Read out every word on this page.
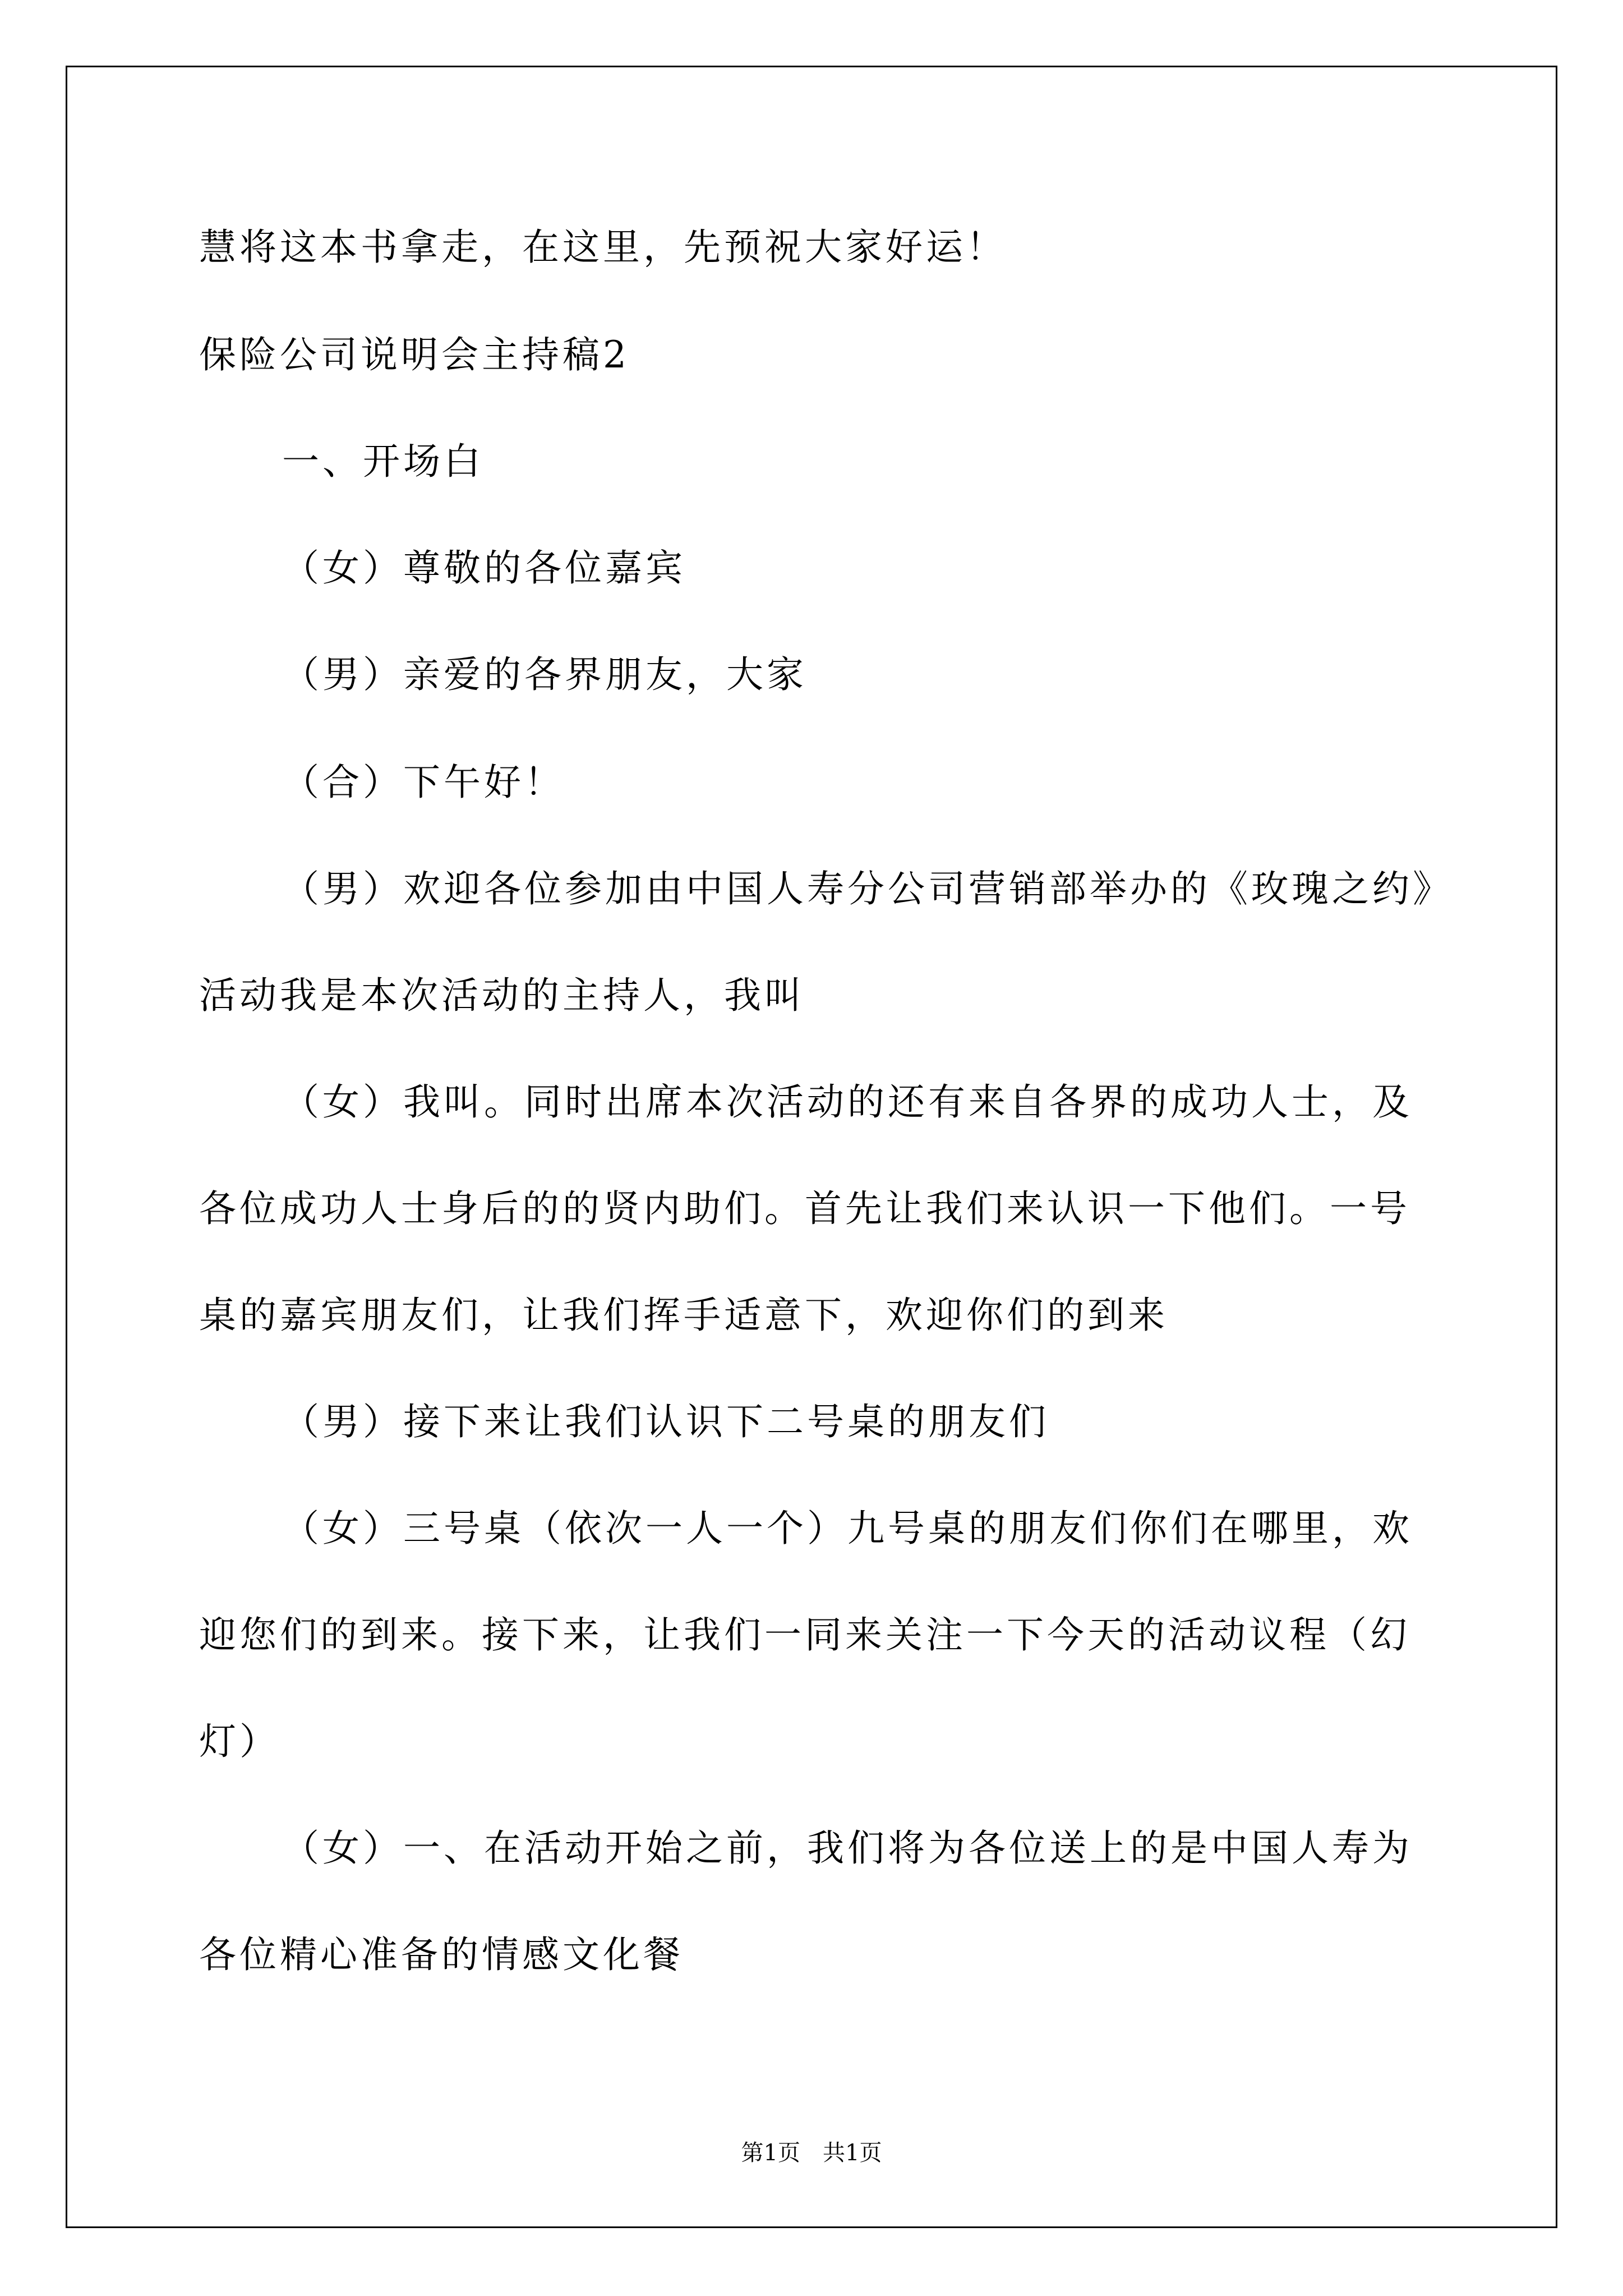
慧将这本书拿走，在这里，先预祝大家好运！
保险公司说明会主持稿2
一、开场白
（女）尊敬的各位嘉宾
（男）亲爱的各界朋友，大家
（合）下午好！
（男）欢迎各位参加由中国人寿分公司营销部举办的《玫瑰之约》
活动我是本次活动的主持人，我叫
（女）我叫。同时出席本次活动的还有来自各界的成功人士，及
各位成功人士身后的的贤内助们。首先让我们来认识一下他们。一号
桌的嘉宾朋友们，让我们挥手适意下，欢迎你们的到来
（男）接下来让我们认识下二号桌的朋友们
（女）三号桌（依次一人一个）九号桌的朋友们你们在哪里，欢
迎您们的到来。接下来，让我们一同来关注一下今天的活动议程（幻
灯）
（女）一、在活动开始之前，我们将为各位送上的是中国人寿为
各位精心准备的情感文化餐
第1页　共1页
